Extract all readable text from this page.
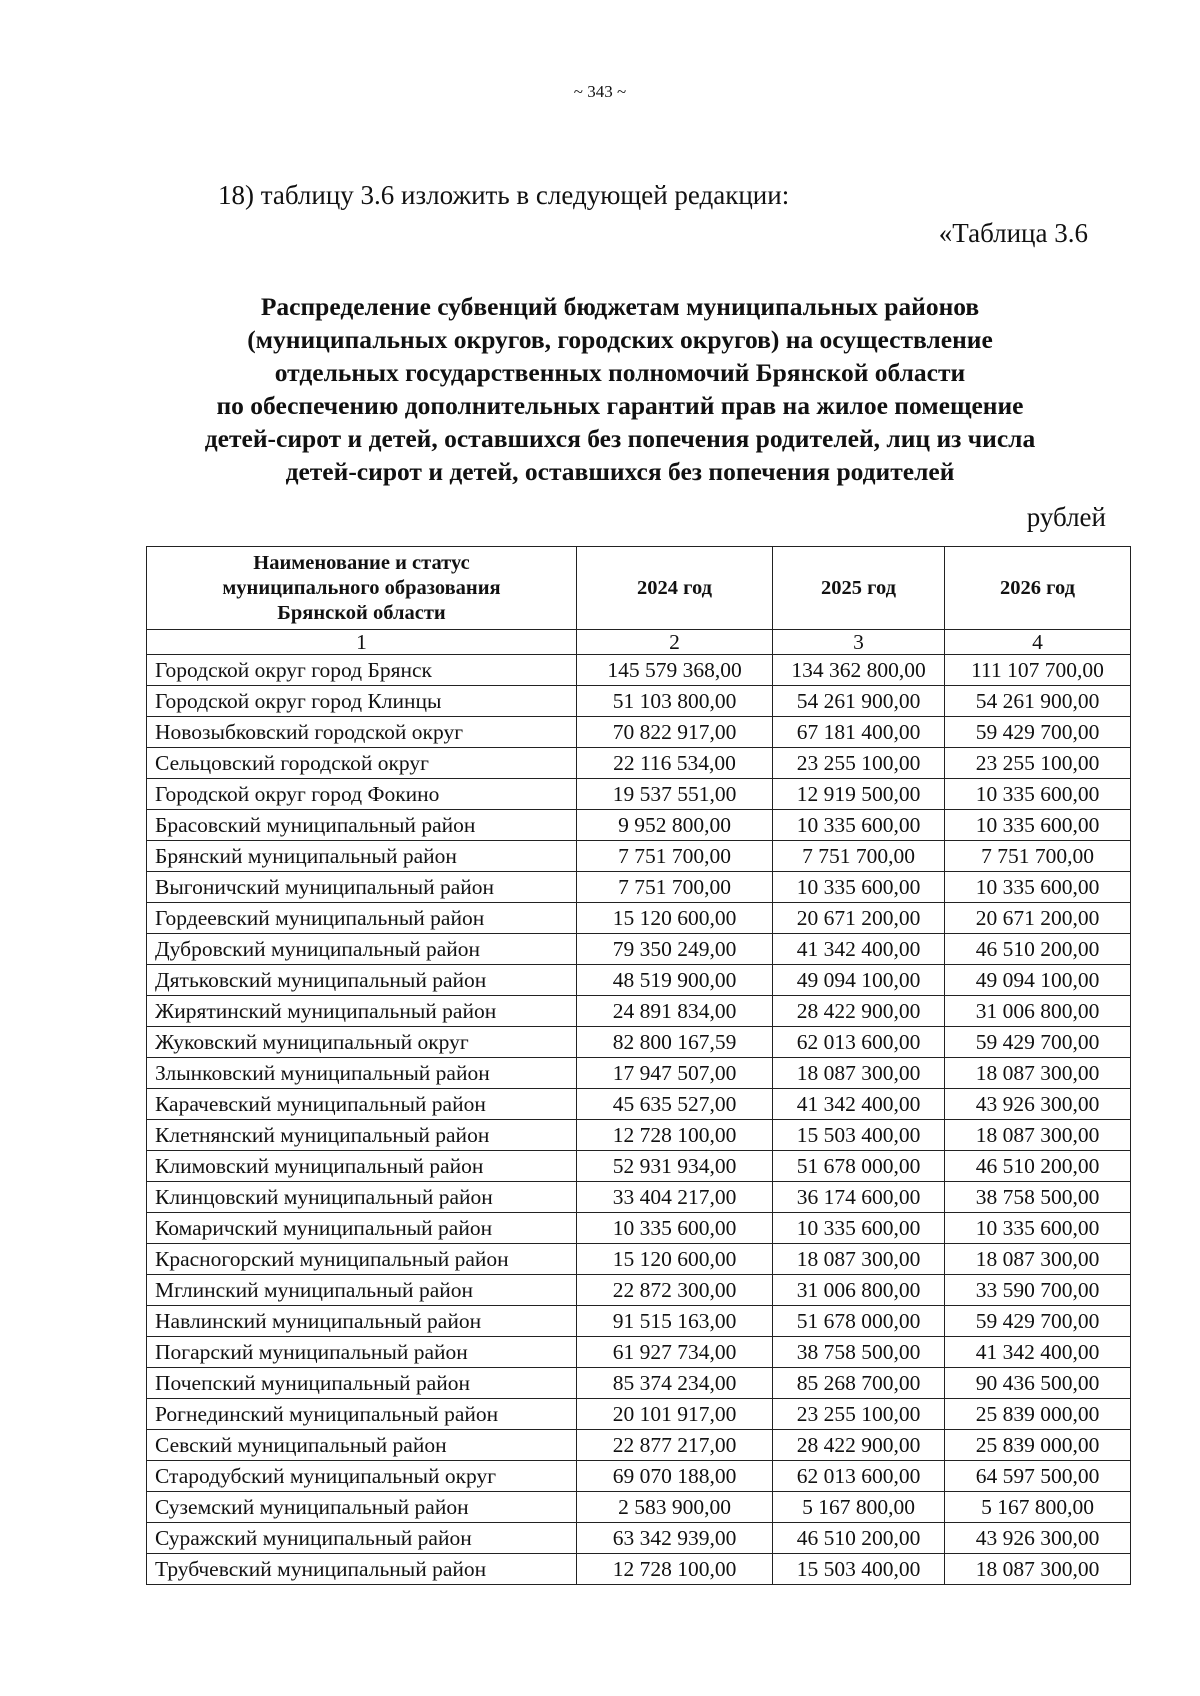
~ 343 ~
18) таблицу 3.6 изложить в следующей редакции:
«Таблица 3.6
Распределение субвенций бюджетам муниципальных районов
(муниципальных округов, городских округов) на осуществление
отдельных государственных полномочий Брянской области
по обеспечению дополнительных гарантий прав на жилое помещение
детей-сирот и детей, оставшихся без попечения родителей, лиц из числа
детей-сирот и детей, оставшихся без попечения родителей
рублей
Наименование и статус
муниципального образования
Брянской области	2024 год	2025 год	2026 год
1	2	3	4
Городской округ город Брянск	145 579 368,00	134 362 800,00	111 107 700,00
Городской округ город Клинцы	51 103 800,00	54 261 900,00	54 261 900,00
Новозыбковский городской округ	70 822 917,00	67 181 400,00	59 429 700,00
Сельцовский городской округ	22 116 534,00	23 255 100,00	23 255 100,00
Городской округ город Фокино	19 537 551,00	12 919 500,00	10 335 600,00
Брасовский муниципальный район	9 952 800,00	10 335 600,00	10 335 600,00
Брянский муниципальный район	7 751 700,00	7 751 700,00	7 751 700,00
Выгоничский муниципальный район	7 751 700,00	10 335 600,00	10 335 600,00
Гордеевский муниципальный район	15 120 600,00	20 671 200,00	20 671 200,00
Дубровский муниципальный район	79 350 249,00	41 342 400,00	46 510 200,00
Дятьковский муниципальный район	48 519 900,00	49 094 100,00	49 094 100,00
Жирятинский муниципальный район	24 891 834,00	28 422 900,00	31 006 800,00
Жуковский муниципальный округ	82 800 167,59	62 013 600,00	59 429 700,00
Злынковский муниципальный район	17 947 507,00	18 087 300,00	18 087 300,00
Карачевский муниципальный район	45 635 527,00	41 342 400,00	43 926 300,00
Клетнянский муниципальный район	12 728 100,00	15 503 400,00	18 087 300,00
Климовский муниципальный район	52 931 934,00	51 678 000,00	46 510 200,00
Клинцовский муниципальный район	33 404 217,00	36 174 600,00	38 758 500,00
Комаричский муниципальный район	10 335 600,00	10 335 600,00	10 335 600,00
Красногорский муниципальный район	15 120 600,00	18 087 300,00	18 087 300,00
Мглинский муниципальный район	22 872 300,00	31 006 800,00	33 590 700,00
Навлинский муниципальный район	91 515 163,00	51 678 000,00	59 429 700,00
Погарский муниципальный район	61 927 734,00	38 758 500,00	41 342 400,00
Почепский муниципальный район	85 374 234,00	85 268 700,00	90 436 500,00
Рогнединский муниципальный район	20 101 917,00	23 255 100,00	25 839 000,00
Севский муниципальный район	22 877 217,00	28 422 900,00	25 839 000,00
Стародубский муниципальный округ	69 070 188,00	62 013 600,00	64 597 500,00
Суземский муниципальный район	2 583 900,00	5 167 800,00	5 167 800,00
Суражский муниципальный район	63 342 939,00	46 510 200,00	43 926 300,00
Трубчевский муниципальный район	12 728 100,00	15 503 400,00	18 087 300,00
